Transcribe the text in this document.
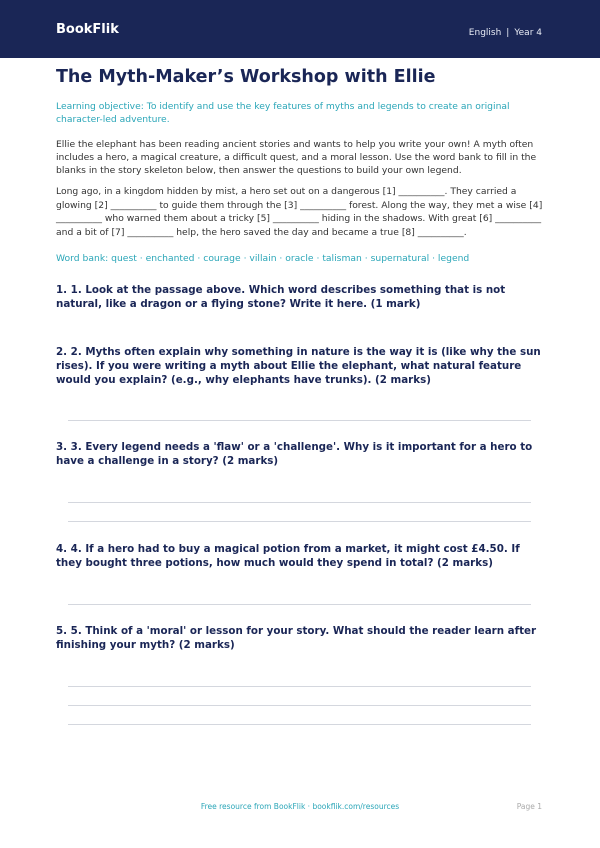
BookFlik	English | Year 4
The Myth-Maker’s Workshop with Ellie
Learning objective: To identify and use the key features of myths and legends to create an original character-led adventure.
Ellie the elephant has been reading ancient stories and wants to help you write your own! A myth often includes a hero, a magical creature, a difficult quest, and a moral lesson. Use the word bank to fill in the blanks in the story skeleton below, then answer the questions to build your own legend.
Long ago, in a kingdom hidden by mist, a hero set out on a dangerous [1] __________. They carried a glowing [2] __________ to guide them through the [3] __________ forest. Along the way, they met a wise [4] __________ who warned them about a tricky [5] __________ hiding in the shadows. With great [6] __________ and a bit of [7] __________ help, the hero saved the day and became a true [8] __________.
Word bank: quest · enchanted · courage · villain · oracle · talisman · supernatural · legend
1. 1. Look at the passage above. Which word describes something that is not natural, like a dragon or a flying stone? Write it here. (1 mark)
2. 2. Myths often explain why something in nature is the way it is (like why the sun rises). If you were writing a myth about Ellie the elephant, what natural feature would you explain? (e.g., why elephants have trunks). (2 marks)
3. 3. Every legend needs a 'flaw' or a 'challenge'. Why is it important for a hero to have a challenge in a story? (2 marks)
4. 4. If a hero had to buy a magical potion from a market, it might cost £4.50. If they bought three potions, how much would they spend in total? (2 marks)
5. 5. Think of a 'moral' or lesson for your story. What should the reader learn after finishing your myth? (2 marks)
Free resource from BookFlik · bookflik.com/resources	Page 1
